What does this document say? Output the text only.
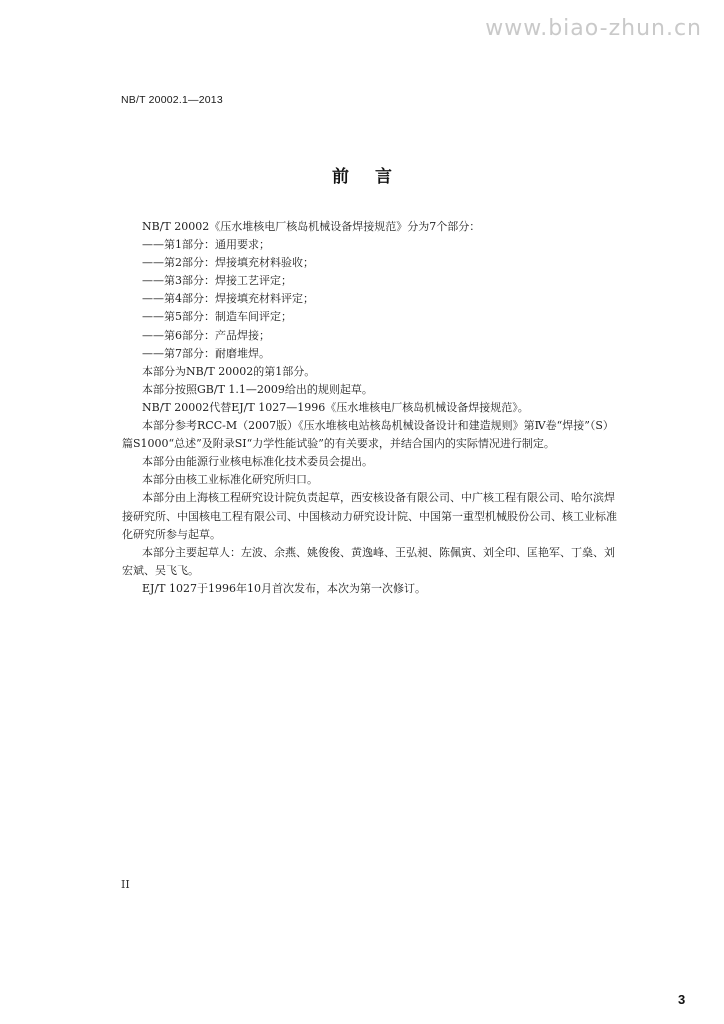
www.biao-zhun.cn
NB/T 20002.1—2013
前言
NB/T 20002《压水堆核电厂核岛机械设备焊接规范》分为7个部分：
——第1部分：通用要求；
——第2部分：焊接填充材料验收；
——第3部分：焊接工艺评定；
——第4部分：焊接填充材料评定；
——第5部分：制造车间评定；
——第6部分：产品焊接；
——第7部分：耐磨堆焊。
本部分为NB/T 20002的第1部分。
本部分按照GB/T 1.1—2009给出的规则起草。
NB/T 20002代替EJ/T 1027—1996《压水堆核电厂核岛机械设备焊接规范》。
本部分参考RCC-M（2007版）《压水堆核电站核岛机械设备设计和建造规则》第Ⅳ卷“焊接”（S）
篇S1000“总述”及附录SI“力学性能试验”的有关要求，并结合国内的实际情况进行制定。
本部分由能源行业核电标准化技术委员会提出。
本部分由核工业标准化研究所归口。
本部分由上海核工程研究设计院负责起草，西安核设备有限公司、中广核工程有限公司、哈尔滨焊
接研究所、中国核电工程有限公司、中国核动力研究设计院、中国第一重型机械股份公司、核工业标准
化研究所参与起草。
本部分主要起草人：左波、余燕、姚俊俊、黄逸峰、王弘昶、陈佩寅、刘全印、匡艳军、丁燊、刘
宏斌、吴飞飞。
EJ/T 1027于1996年10月首次发布，本次为第一次修订。
II
3
